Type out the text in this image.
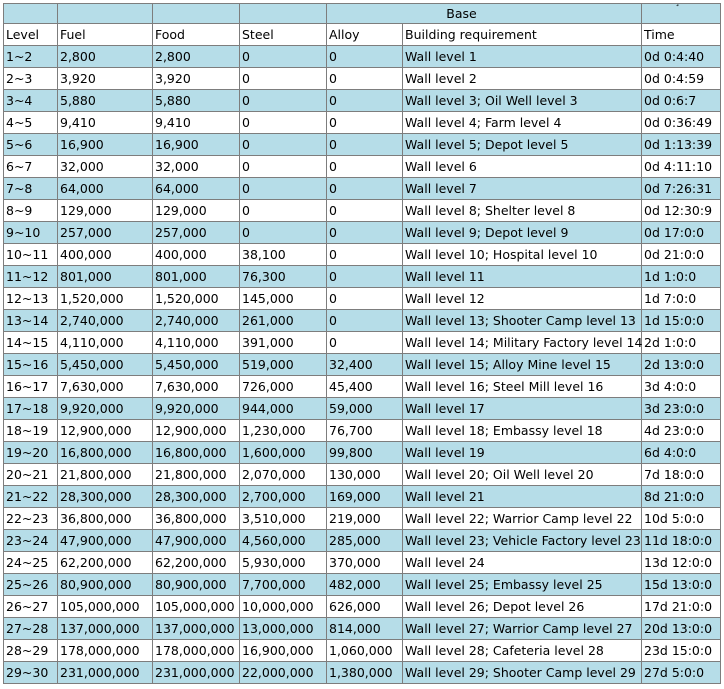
				Base		¸

Level	Fuel	Food	Steel	Alloy	Building requirement	Time
1~2	2,800	2,800	0	0	Wall level 1	0d 0:4:40
2~3	3,920	3,920	0	0	Wall level 2	0d 0:4:59
3~4	5,880	5,880	0	0	Wall level 3; Oil Well level 3	0d 0:6:7
4~5	9,410	9,410	0	0	Wall level 4; Farm level 4	0d 0:36:49
5~6	16,900	16,900	0	0	Wall level 5; Depot level 5	0d 1:13:39
6~7	32,000	32,000	0	0	Wall level 6	0d 4:11:10
7~8	64,000	64,000	0	0	Wall level 7	0d 7:26:31
8~9	129,000	129,000	0	0	Wall level 8; Shelter level 8	0d 12:30:9
9~10	257,000	257,000	0	0	Wall level 9; Depot level 9	0d 17:0:0
10~11	400,000	400,000	38,100	0	Wall level 10; Hospital level 10	0d 21:0:0
11~12	801,000	801,000	76,300	0	Wall level 11	1d 1:0:0
12~13	1,520,000	1,520,000	145,000	0	Wall level 12	1d 7:0:0
13~14	2,740,000	2,740,000	261,000	0	Wall level 13; Shooter Camp level 13	1d 15:0:0
14~15	4,110,000	4,110,000	391,000	0	Wall level 14; Military Factory level 14	2d 1:0:0
15~16	5,450,000	5,450,000	519,000	32,400	Wall level 15; Alloy Mine level 15	2d 13:0:0
16~17	7,630,000	7,630,000	726,000	45,400	Wall level 16; Steel Mill level 16	3d 4:0:0
17~18	9,920,000	9,920,000	944,000	59,000	Wall level 17	3d 23:0:0
18~19	12,900,000	12,900,000	1,230,000	76,700	Wall level 18; Embassy level 18	4d 23:0:0
19~20	16,800,000	16,800,000	1,600,000	99,800	Wall level 19	6d 4:0:0
20~21	21,800,000	21,800,000	2,070,000	130,000	Wall level 20; Oil Well level 20	7d 18:0:0
21~22	28,300,000	28,300,000	2,700,000	169,000	Wall level 21	8d 21:0:0
22~23	36,800,000	36,800,000	3,510,000	219,000	Wall level 22; Warrior Camp level 22	10d 5:0:0
23~24	47,900,000	47,900,000	4,560,000	285,000	Wall level 23; Vehicle Factory level 23	11d 18:0:0
24~25	62,200,000	62,200,000	5,930,000	370,000	Wall level 24	13d 12:0:0
25~26	80,900,000	80,900,000	7,700,000	482,000	Wall level 25; Embassy level 25	15d 13:0:0
26~27	105,000,000	105,000,000	10,000,000	626,000	Wall level 26; Depot level 26	17d 21:0:0
27~28	137,000,000	137,000,000	13,000,000	814,000	Wall level 27; Warrior Camp level 27	20d 13:0:0
28~29	178,000,000	178,000,000	16,900,000	1,060,000	Wall level 28; Cafeteria level 28	23d 15:0:0
29~30	231,000,000	231,000,000	22,000,000	1,380,000	Wall level 29; Shooter Camp level 29	27d 5:0:0
